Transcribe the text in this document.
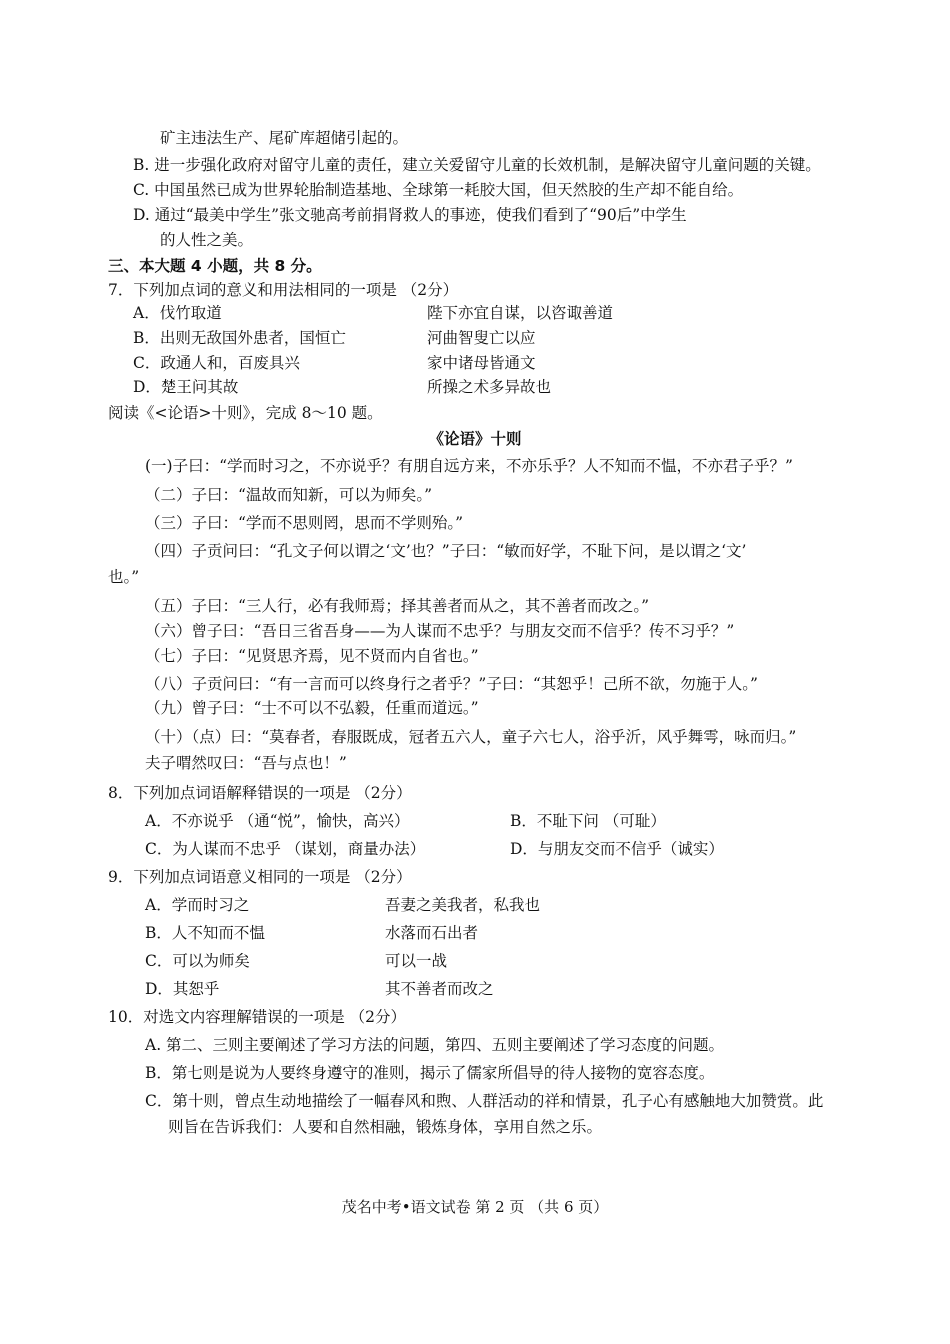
矿主违法生产、尾矿库超储引起的。
B. 进一步强化政府对留守儿童的责任，建立关爱留守儿童的长效机制，是解决留守儿童问题的关键。
C. 中国虽然已成为世界轮胎制造基地、全球第一耗胶大国，但天然胶的生产却不能自给。
D. 通过“最美中学生”张文驰高考前捐肾救人的事迹，使我们看到了“90后”中学生
的人性之美。
三、本大题 4 小题，共 8 分。
7．下列加点词的意义和用法相同的一项是 （2分）
A．伐竹取道	陛下亦宜自谋，以咨诹善道
B．出则无敌国外患者，国恒亡	河曲智叟亡以应
C．政通人和，百废具兴	家中诸母皆通文
D．楚王问其故	所操之术多异故也
阅读《<论语>十则》，完成 8～10 题。
《论语》十则
(一)子曰：“学而时习之，不亦说乎？有朋自远方来，不亦乐乎？人不知而不愠，不亦君子乎？”
（二）子曰：“温故而知新，可以为师矣。”
（三）子曰：“学而不思则罔，思而不学则殆。”
（四）子贡问曰：“孔文子何以谓之‘文’也？”子曰：“敏而好学，不耻下问，是以谓之‘文’
也。”
（五）子曰：“三人行，必有我师焉；择其善者而从之，其不善者而改之。”
（六）曾子曰：“吾日三省吾身——为人谋而不忠乎？与朋友交而不信乎？传不习乎？”
（七）子曰：“见贤思齐焉，见不贤而内自省也。”
（八）子贡问曰：“有一言而可以终身行之者乎？”子曰：“其恕乎！己所不欲，勿施于人。”
（九）曾子曰：“士不可以不弘毅，任重而道远。”
（十）（点）曰：“莫春者，春服既成，冠者五六人，童子六七人，浴乎沂，风乎舞雩，咏而归。”
夫子喟然叹曰：“吾与点也！”
8．下列加点词语解释错误的一项是 （2分）
A．不亦说乎 （通“悦”，愉快，高兴）	B．不耻下问 （可耻）
C．为人谋而不忠乎 （谋划，商量办法）	D．与朋友交而不信乎（诚实）
9．下列加点词语意义相同的一项是 （2分）
A．学而时习之	吾妻之美我者，私我也
B．人不知而不愠	水落而石出者
C．可以为师矣	可以一战
D．其恕乎	其不善者而改之
10．对选文内容理解错误的一项是 （2分）
A. 第二、三则主要阐述了学习方法的问题，第四、五则主要阐述了学习态度的问题。
B．第七则是说为人要终身遵守的准则，揭示了儒家所倡导的待人接物的宽容态度。
C．第十则，曾点生动地描绘了一幅春风和煦、人群活动的祥和情景，孔子心有感触地大加赞赏。此
则旨在告诉我们：人要和自然相融，锻炼身体，享用自然之乐。
茂名中考•语文试卷 第 2 页 （共 6 页）
